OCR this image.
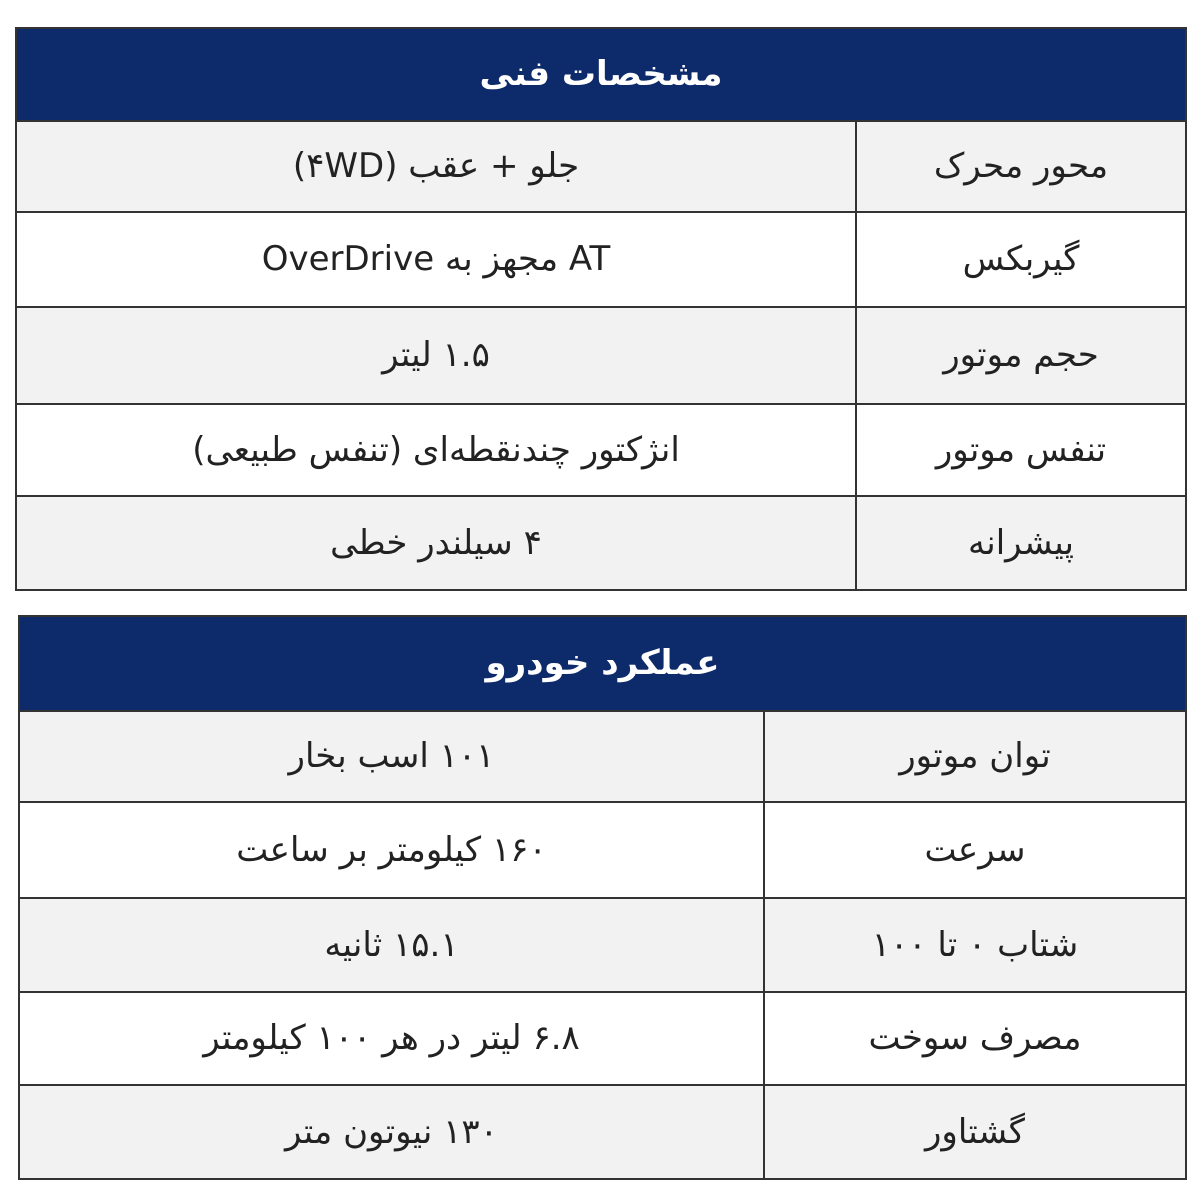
مشخصات فنی	
محور محرک	جلو + عقب (۴WD)
گیربکس	AT مجهز به OverDrive
حجم موتور	۱.۵ لیتر
تنفس موتور	انژکتور چندنقطه‌ای (تنفس طبیعی)
پیشرانه	۴ سیلندر خطی
عملکرد خودرو	
توان موتور	۱۰۱ اسب بخار
سرعت	۱۶۰ کیلومتر بر ساعت
شتاب ۰ تا ۱۰۰	۱۵.۱ ثانیه
مصرف سوخت	۶.۸ لیتر در هر ۱۰۰ کیلومتر
گشتاور	۱۳۰ نیوتون متر
